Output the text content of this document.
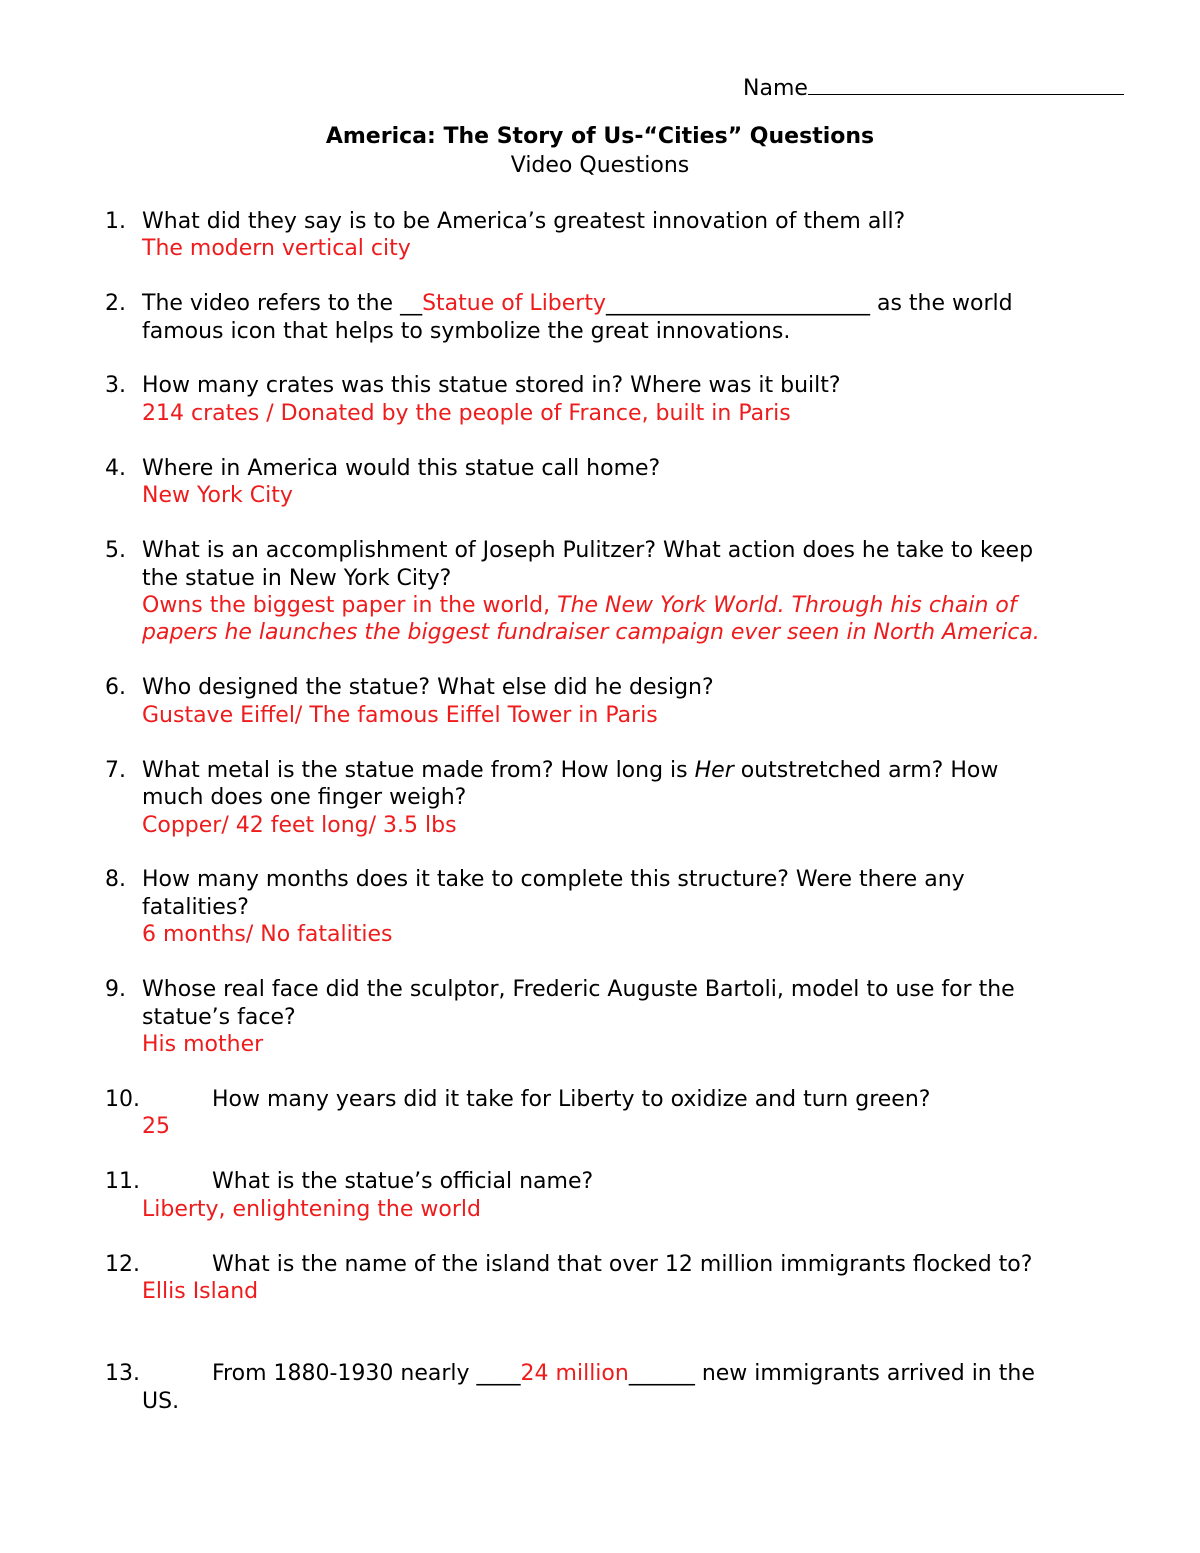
Name
America: The Story of Us-“Cities” Questions
Video Questions
1. What did they say is to be America’s greatest innovation of them all?
The modern vertical city
2. The video refers to the __Statue of Liberty________________________ as the world
famous icon that helps to symbolize the great innovations.
3. How many crates was this statue stored in? Where was it built?
214 crates / Donated by the people of France, built in Paris
4. Where in America would this statue call home?
New York City
5. What is an accomplishment of Joseph Pulitzer? What action does he take to keep
the statue in New York City?
Owns the biggest paper in the world, The New York World. Through his chain of
papers he launches the biggest fundraiser campaign ever seen in North America.
6. Who designed the statue? What else did he design?
Gustave Eiffel/ The famous Eiffel Tower in Paris
7. What metal is the statue made from? How long is Her outstretched arm? How
much does one finger weigh?
Copper/ 42 feet long/ 3.5 lbs
8. How many months does it take to complete this structure? Were there any
fatalities?
6 months/ No fatalities
9. Whose real face did the sculptor, Frederic Auguste Bartoli, model to use for the
statue’s face?
His mother
10.	How many years did it take for Liberty to oxidize and turn green?
25
11.	What is the statue’s official name?
Liberty, enlightening the world
12.	What is the name of the island that over 12 million immigrants flocked to?
Ellis Island
13.	From 1880-1930 nearly ____24 million______ new immigrants arrived in the
US.
